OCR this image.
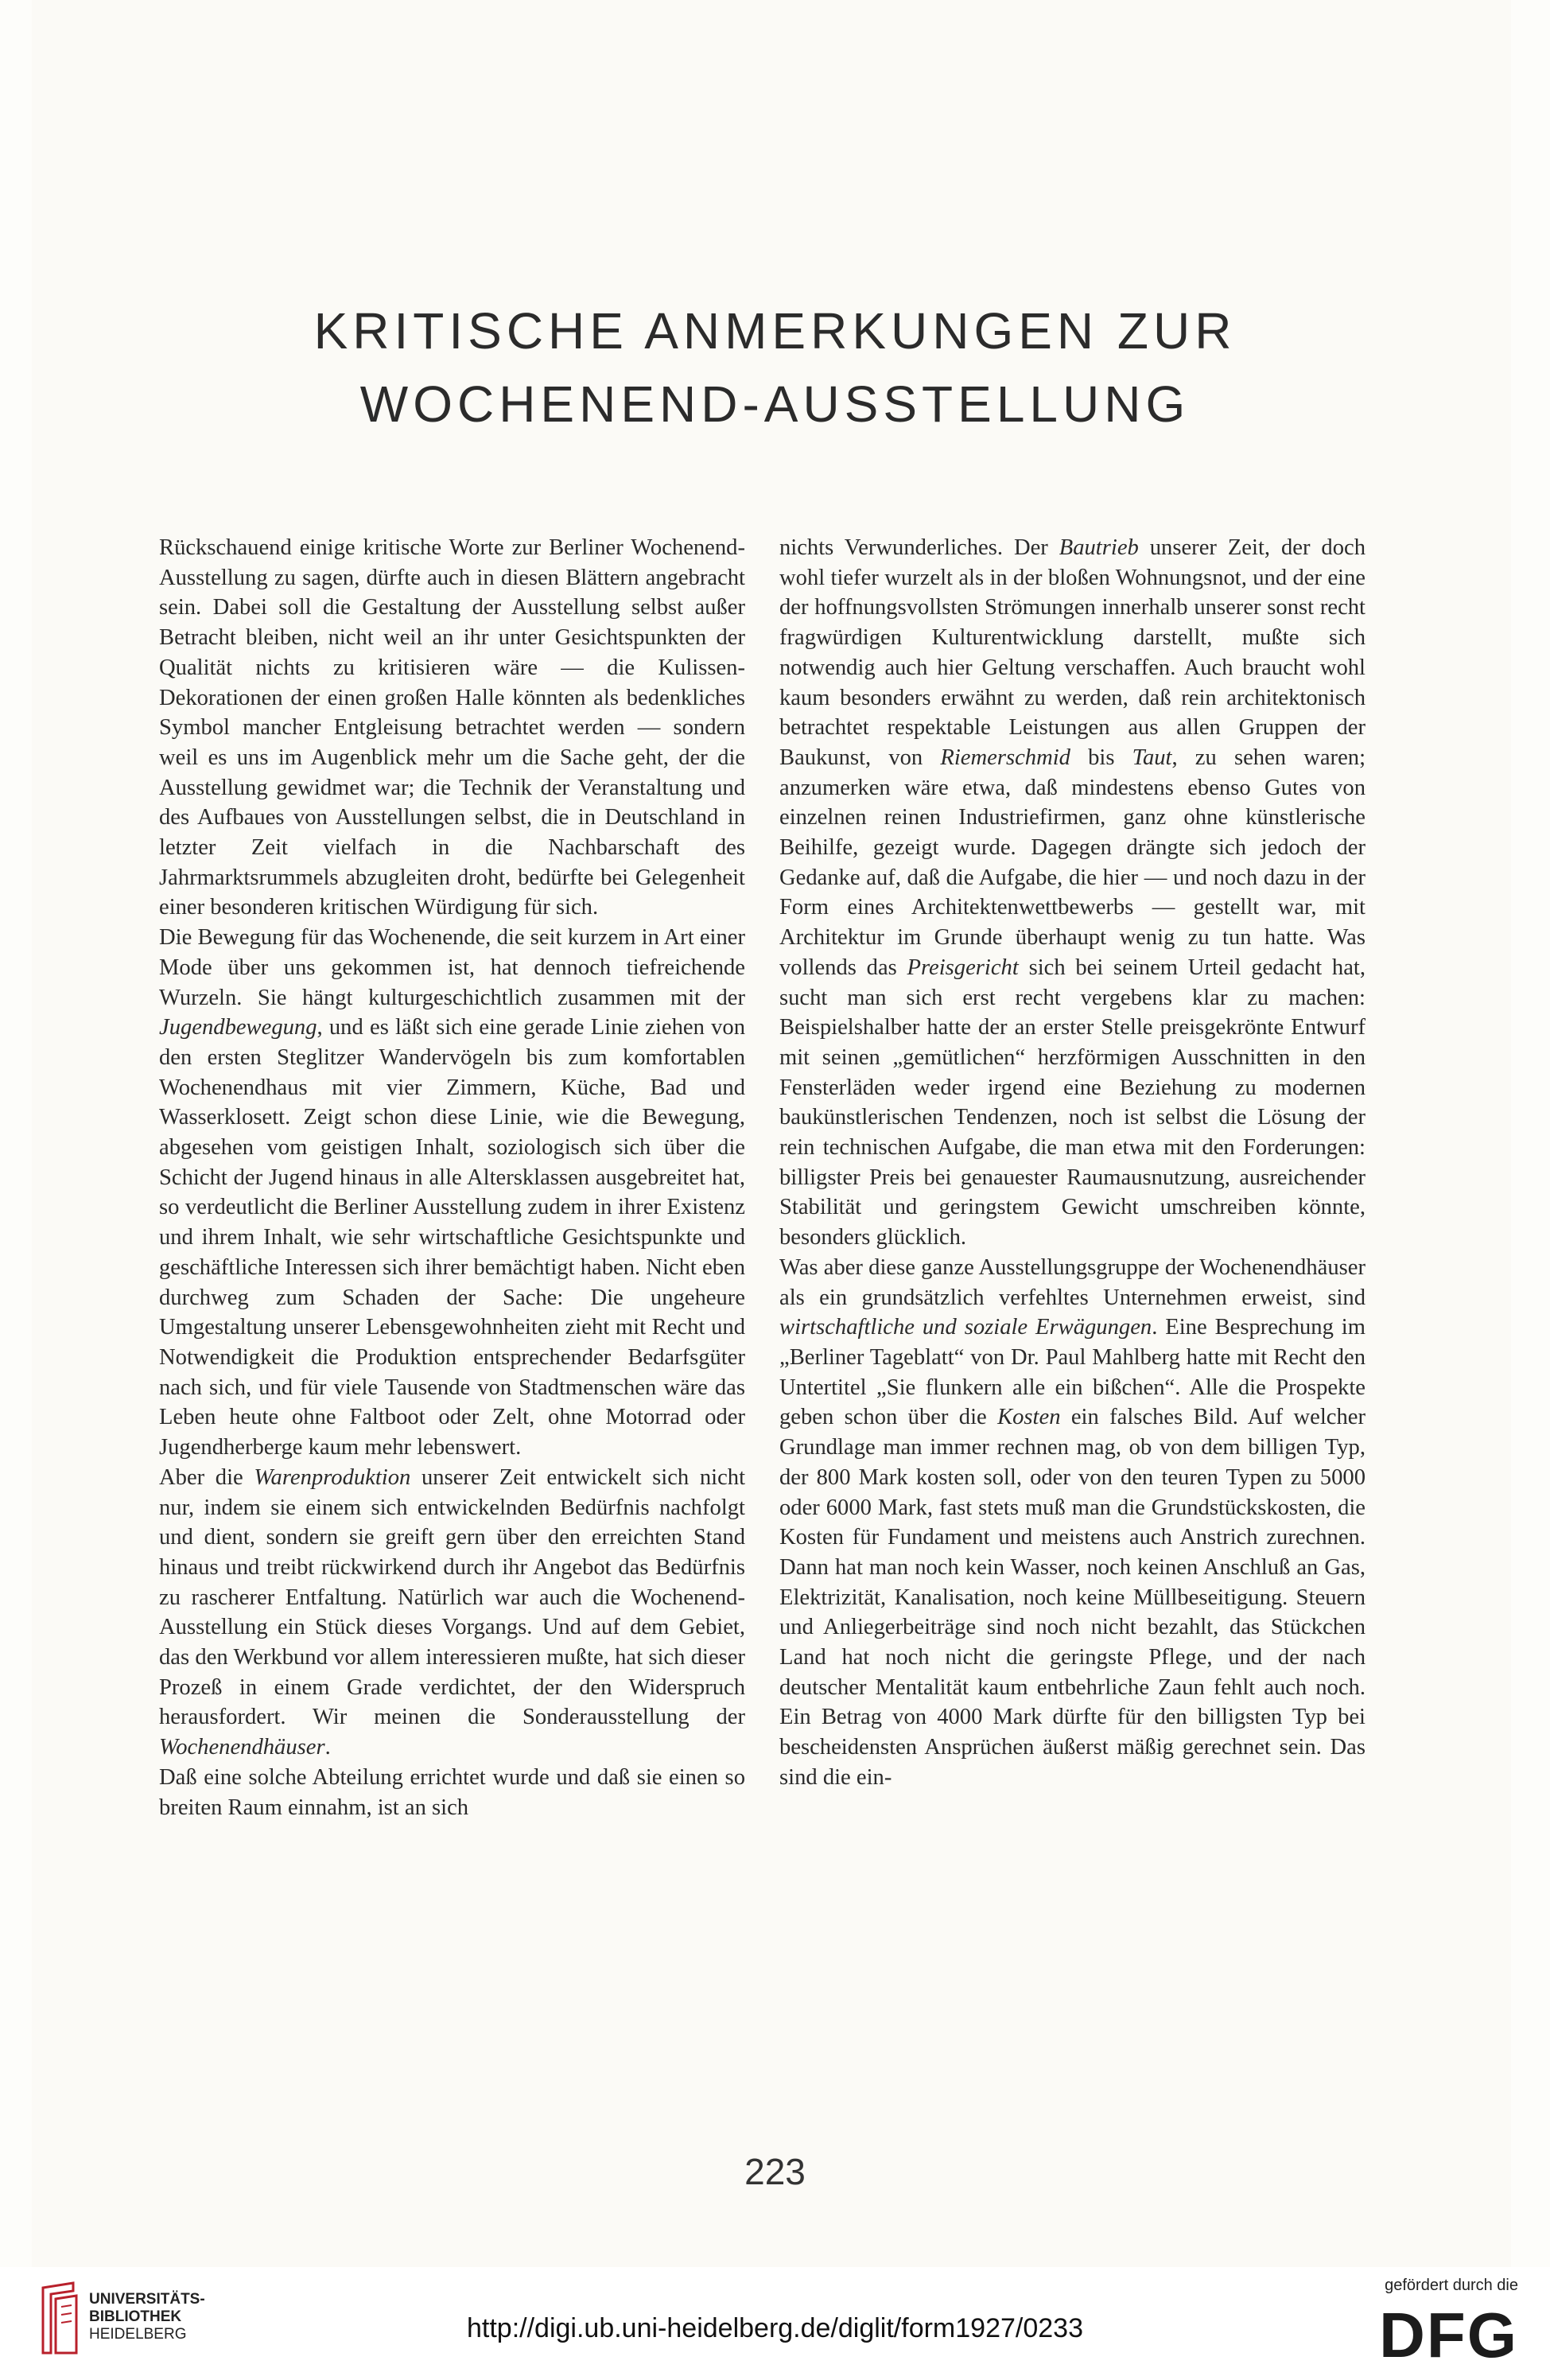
KRITISCHE ANMERKUNGEN ZUR
WOCHENEND-AUSSTELLUNG

Rückschauend einige kritische Worte zur Berliner Wochenend-Ausstellung zu sagen, dürfte auch in diesen Blättern angebracht sein. Dabei soll die Gestaltung der Ausstellung selbst außer Betracht bleiben, nicht weil an ihr unter Gesichtspunkten der Qualität nichts zu kritisieren wäre — die Kulissen-Dekorationen der einen großen Halle könnten als bedenkliches Symbol mancher Entgleisung betrachtet werden — sondern weil es uns im Augenblick mehr um die Sache geht, der die Ausstellung gewidmet war; die Technik der Veranstaltung und des Aufbaues von Ausstellungen selbst, die in Deutschland in letzter Zeit vielfach in die Nachbarschaft des Jahrmarktsrummels abzugleiten droht, bedürfte bei Gelegenheit einer besonderen kritischen Würdigung für sich.

Die Bewegung für das Wochenende, die seit kurzem in Art einer Mode über uns gekommen ist, hat dennoch tiefreichende Wurzeln. Sie hängt kulturgeschichtlich zusammen mit der Jugendbewegung, und es läßt sich eine gerade Linie ziehen von den ersten Steglitzer Wandervögeln bis zum komfortablen Wochenendhaus mit vier Zimmern, Küche, Bad und Wasserklosett. Zeigt schon diese Linie, wie die Bewegung, abgesehen vom geistigen Inhalt, soziologisch sich über die Schicht der Jugend hinaus in alle Altersklassen ausgebreitet hat, so verdeutlicht die Berliner Ausstellung zudem in ihrer Existenz und ihrem Inhalt, wie sehr wirtschaftliche Gesichtspunkte und geschäftliche Interessen sich ihrer bemächtigt haben. Nicht eben durchweg zum Schaden der Sache: Die ungeheure Umgestaltung unserer Lebensgewohnheiten zieht mit Recht und Notwendigkeit die Produktion entsprechender Bedarfsgüter nach sich, und für viele Tausende von Stadtmenschen wäre das Leben heute ohne Faltboot oder Zelt, ohne Motorrad oder Jugendherberge kaum mehr lebenswert.

Aber die Warenproduktion unserer Zeit entwickelt sich nicht nur, indem sie einem sich entwickelnden Bedürfnis nachfolgt und dient, sondern sie greift gern über den erreichten Stand hinaus und treibt rückwirkend durch ihr Angebot das Bedürfnis zu rascherer Entfaltung. Natürlich war auch die Wochenend-Ausstellung ein Stück dieses Vorgangs. Und auf dem Gebiet, das den Werkbund vor allem interessieren mußte, hat sich dieser Prozeß in einem Grade verdichtet, der den Widerspruch herausfordert. Wir meinen die Sonderausstellung der Wochenendhäuser.

Daß eine solche Abteilung errichtet wurde und daß sie einen so breiten Raum einnahm, ist an sich

nichts Verwunderliches. Der Bautrieb unserer Zeit, der doch wohl tiefer wurzelt als in der bloßen Wohnungsnot, und der eine der hoffnungsvollsten Strömungen innerhalb unserer sonst recht fragwürdigen Kulturentwicklung darstellt, mußte sich notwendig auch hier Geltung verschaffen. Auch braucht wohl kaum besonders erwähnt zu werden, daß rein architektonisch betrachtet respektable Leistungen aus allen Gruppen der Baukunst, von Riemerschmid bis Taut, zu sehen waren; anzumerken wäre etwa, daß mindestens ebenso Gutes von einzelnen reinen Industriefirmen, ganz ohne künstlerische Beihilfe, gezeigt wurde. Dagegen drängte sich jedoch der Gedanke auf, daß die Aufgabe, die hier — und noch dazu in der Form eines Architektenwettbewerbs — gestellt war, mit Architektur im Grunde überhaupt wenig zu tun hatte. Was vollends das Preisgericht sich bei seinem Urteil gedacht hat, sucht man sich erst recht vergebens klar zu machen: Beispielshalber hatte der an erster Stelle preisgekrönte Entwurf mit seinen „gemütlichen“ herzförmigen Ausschnitten in den Fensterläden weder irgend eine Beziehung zu modernen baukünstlerischen Tendenzen, noch ist selbst die Lösung der rein technischen Aufgabe, die man etwa mit den Forderungen: billigster Preis bei genauester Raumausnutzung, ausreichender Stabilität und geringstem Gewicht umschreiben könnte, besonders glücklich.

Was aber diese ganze Ausstellungsgruppe der Wochenendhäuser als ein grundsätzlich verfehltes Unternehmen erweist, sind wirtschaftliche und soziale Erwägungen. Eine Besprechung im „Berliner Tageblatt“ von Dr. Paul Mahlberg hatte mit Recht den Untertitel „Sie flunkern alle ein bißchen“. Alle die Prospekte geben schon über die Kosten ein falsches Bild. Auf welcher Grundlage man immer rechnen mag, ob von dem billigen Typ, der 800 Mark kosten soll, oder von den teuren Typen zu 5000 oder 6000 Mark, fast stets muß man die Grundstückskosten, die Kosten für Fundament und meistens auch Anstrich zurechnen. Dann hat man noch kein Wasser, noch keinen Anschluß an Gas, Elektrizität, Kanalisation, noch keine Müllbeseitigung. Steuern und Anliegerbeiträge sind noch nicht bezahlt, das Stückchen Land hat noch nicht die geringste Pflege, und der nach deutscher Mentalität kaum entbehrliche Zaun fehlt auch noch. Ein Betrag von 4000 Mark dürfte für den billigsten Typ bei bescheidensten Ansprüchen äußerst mäßig gerechnet sein. Das sind die ein-

223
UNIVERSITÄTS-
BIBLIOTHEK
HEIDELBERG	http://digi.ub.uni-heidelberg.de/diglit/form1927/0233
gefördert durch die
DFG
